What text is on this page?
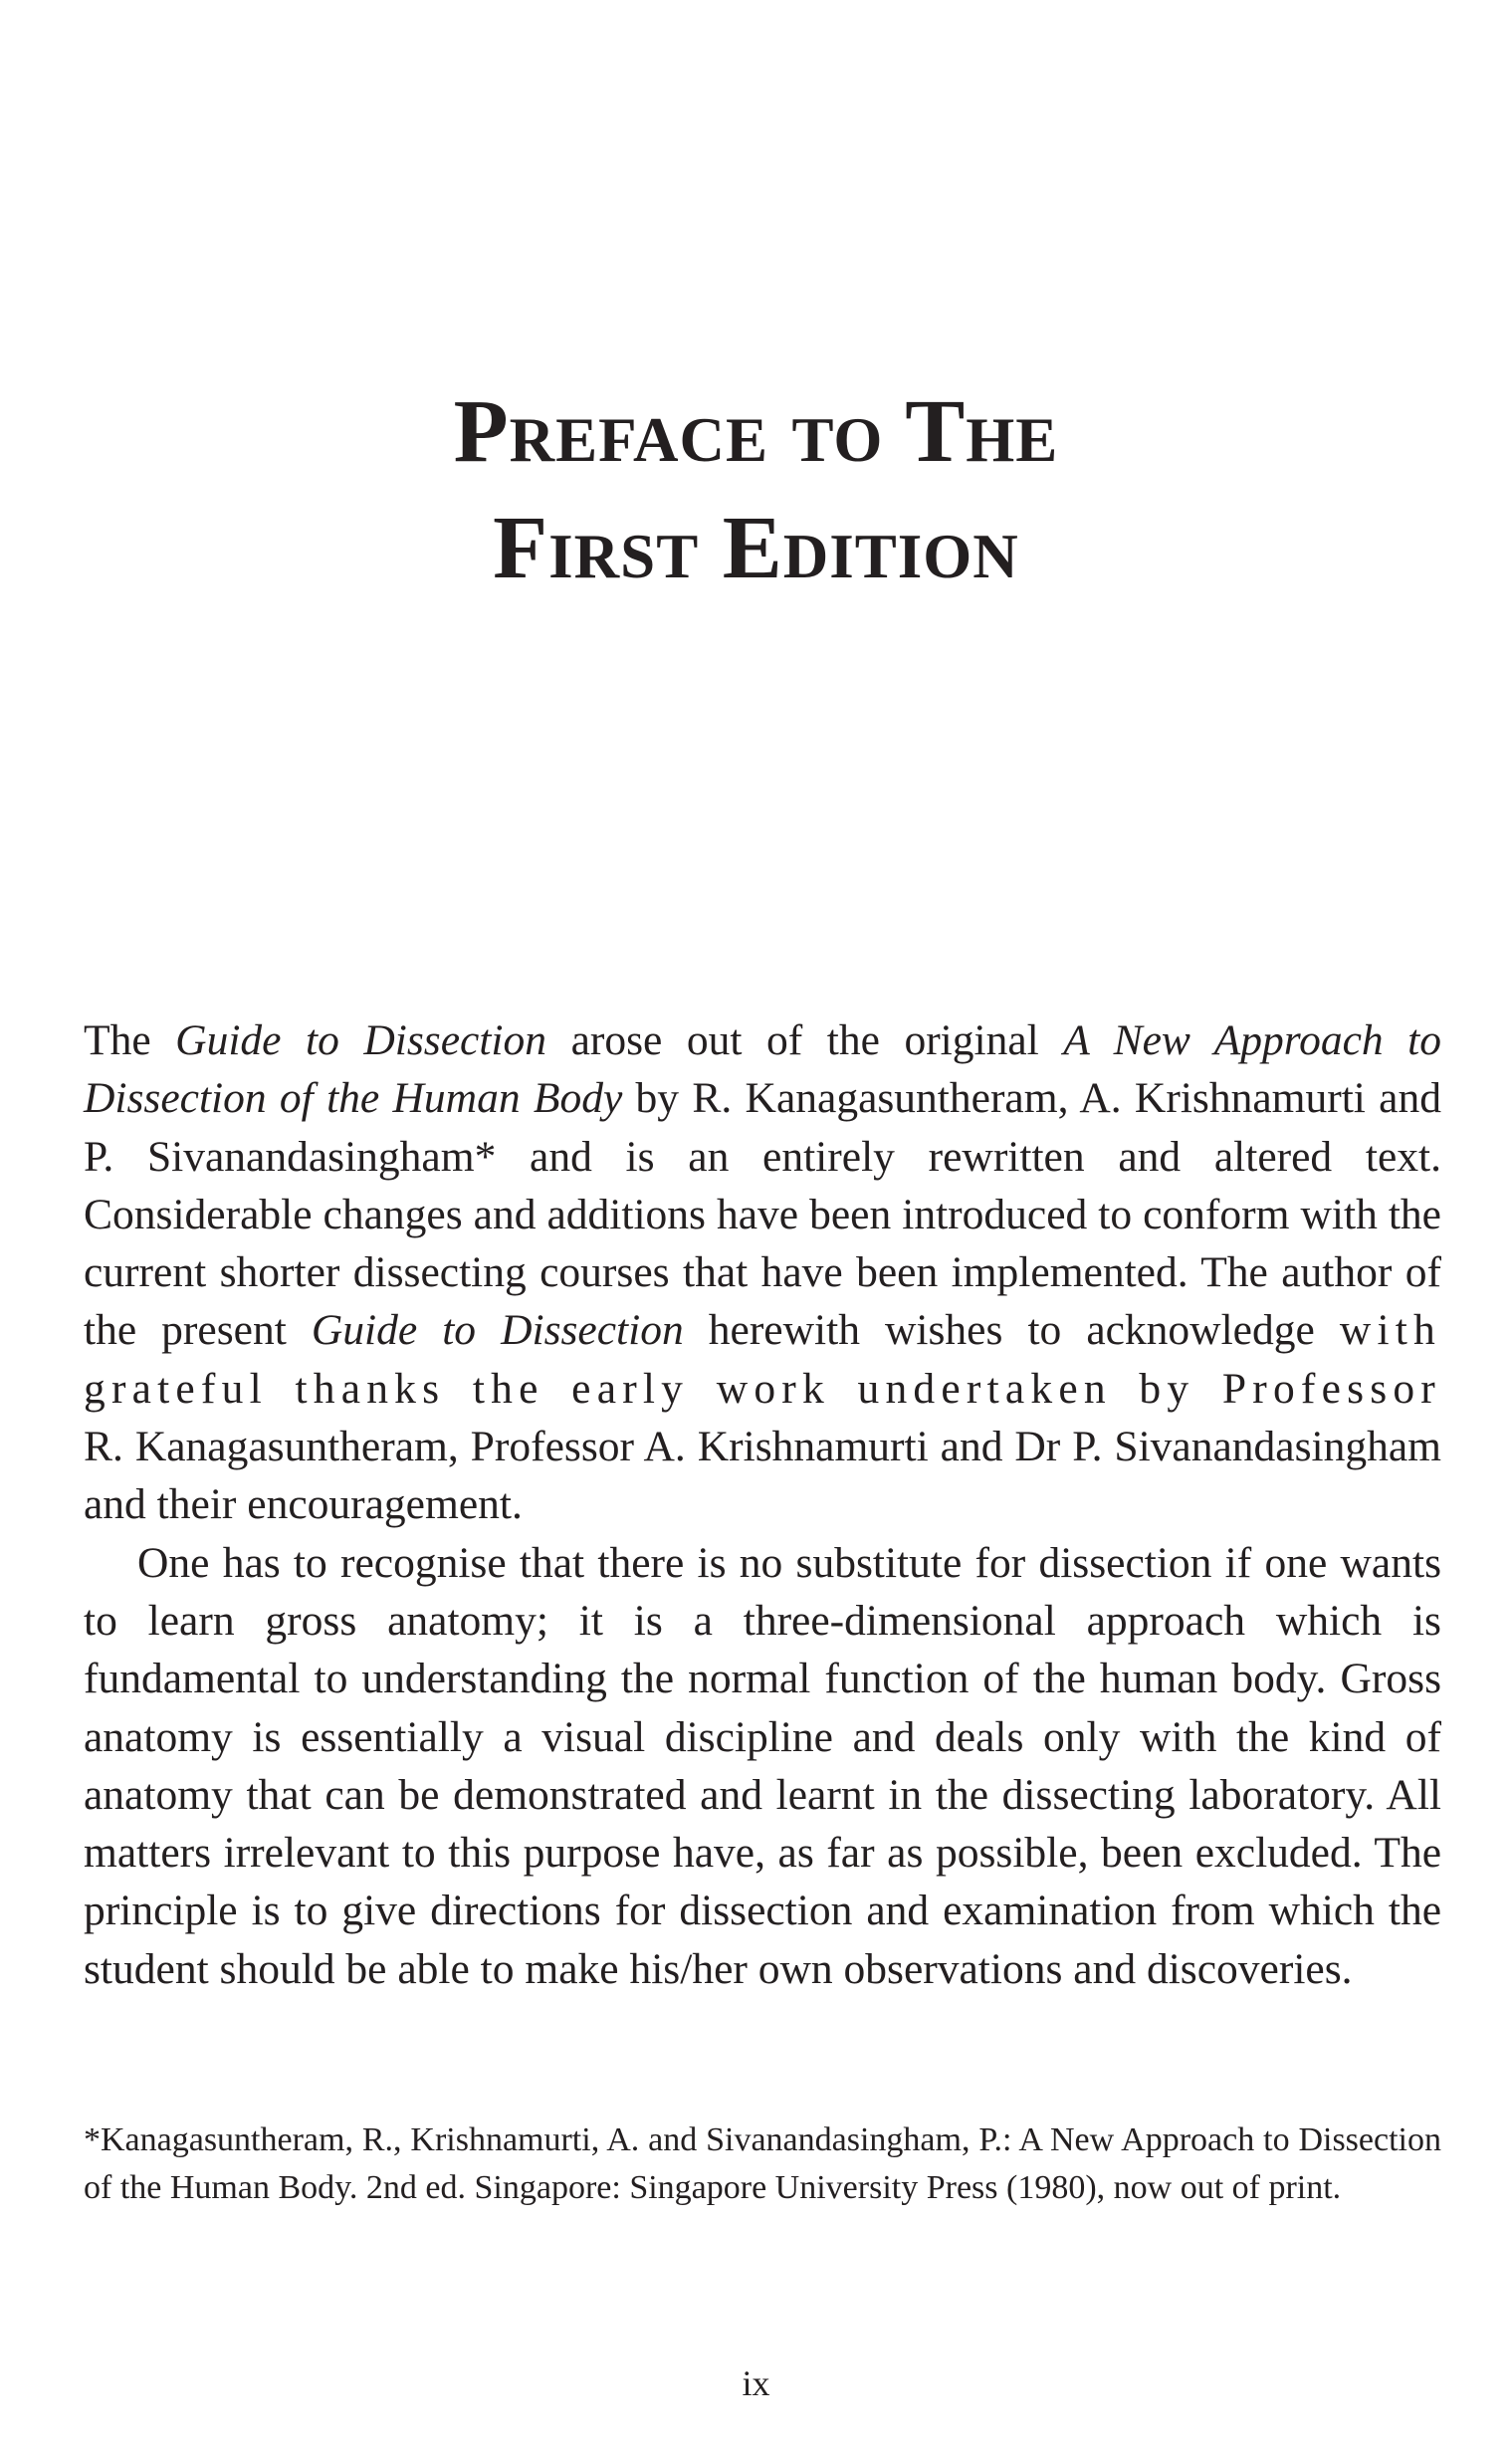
Preface to The
First Edition

The Guide to Dissection arose out of the original A New Approach to Dissection of the Human Body by R. Kanagasuntheram, A. Krishnamurti and P. Sivanandasingham* and is an entirely rewritten and altered text. Considerable changes and additions have been introduced to conform with the current shorter dissecting courses that have been implemented. The author of the present Guide to Dissection herewith wishes to acknowledge with grateful thanks the early work undertaken by Professor R. Kanagasuntheram, Professor A. Krishnamurti and Dr P. Sivanandasingham and their encouragement.

One has to recognise that there is no substitute for dissection if one wants to learn gross anatomy; it is a three-dimensional approach which is fundamental to understanding the normal function of the human body. Gross anatomy is essentially a visual discipline and deals only with the kind of anatomy that can be demonstrated and learnt in the dissecting laboratory. All matters irrelevant to this purpose have, as far as possible, been excluded. The principle is to give directions for dissection and examination from which the student should be able to make his/her own observations and discoveries.

*Kanagasuntheram, R., Krishnamurti, A. and Sivanandasingham, P.: A New Approach to Dissection of the Human Body. 2nd ed. Singapore: Singapore University Press (1980), now out of print.

ix
